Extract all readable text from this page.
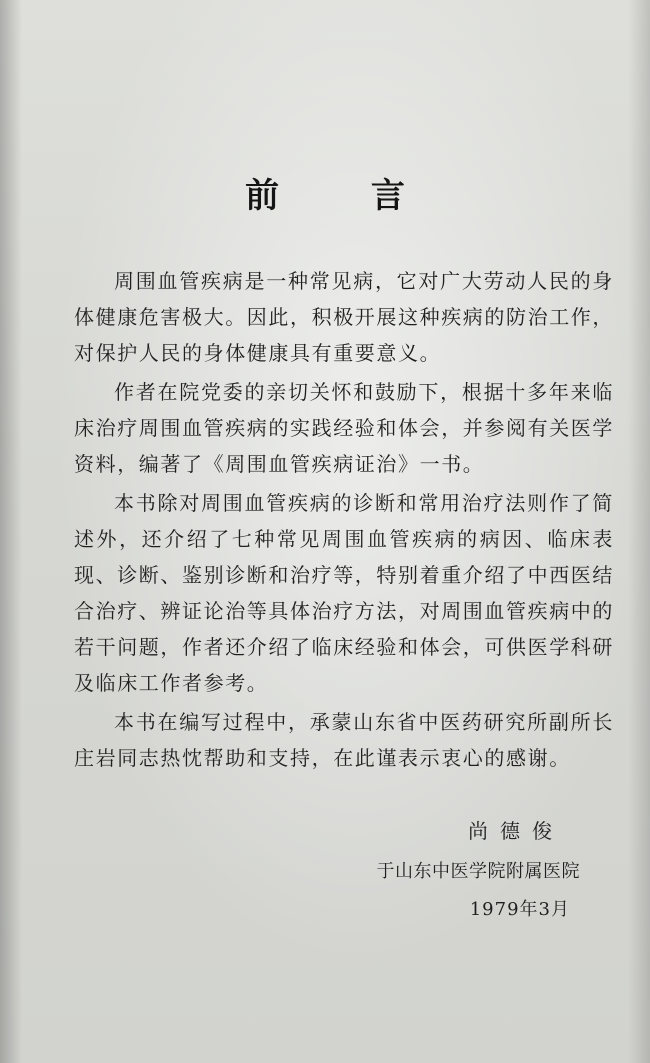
前 言

周围血管疾病是一种常见病，它对广大劳动人民的身体健康危害极大。因此，积极开展这种疾病的防治工作，对保护人民的身体健康具有重要意义。

作者在院党委的亲切关怀和鼓励下，根据十多年来临床治疗周围血管疾病的实践经验和体会，并参阅有关医学资料，编著了《周围血管疾病证治》一书。

本书除对周围血管疾病的诊断和常用治疗法则作了简述外，还介绍了七种常见周围血管疾病的病因、临床表现、诊断、鉴别诊断和治疗等，特别着重介绍了中西医结合治疗、辨证论治等具体治疗方法，对周围血管疾病中的若干问题，作者还介绍了临床经验和体会，可供医学科研及临床工作者参考。

本书在编写过程中，承蒙山东省中医药研究所副所长庄岩同志热忱帮助和支持，在此谨表示衷心的感谢。

尚德俊
于山东中医学院附属医院
1979年3月
